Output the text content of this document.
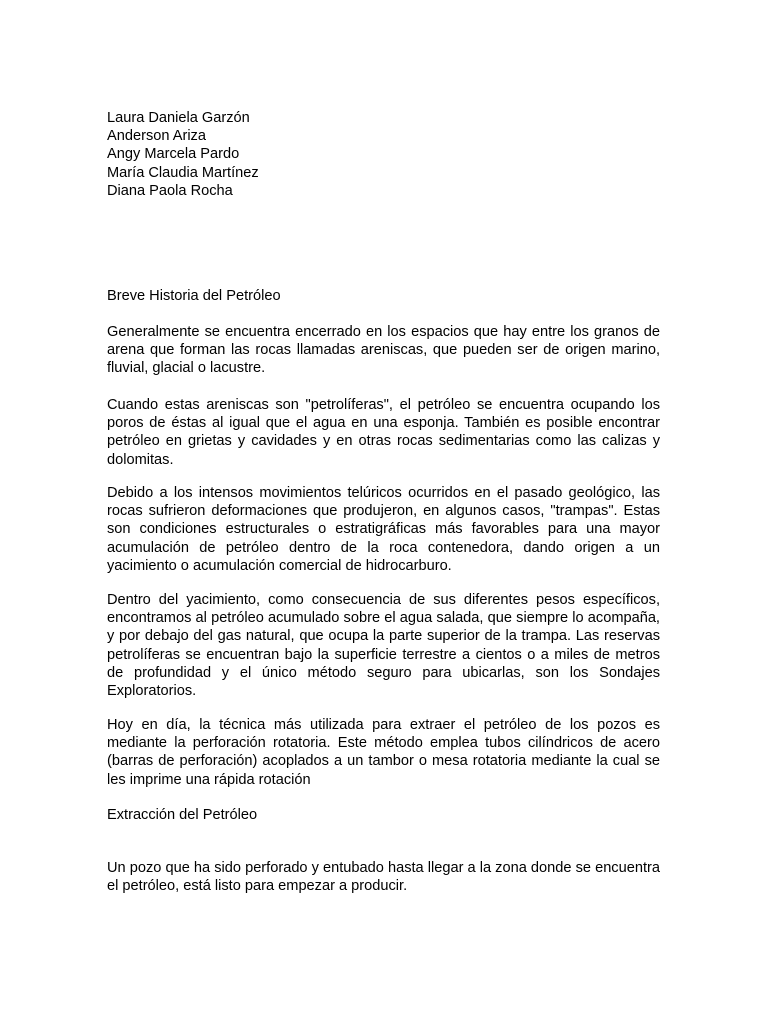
Laura Daniela Garzón
Anderson Ariza
Angy Marcela Pardo
María Claudia Martínez
Diana Paola Rocha
Breve Historia del Petróleo

Generalmente se encuentra encerrado en los espacios que hay entre los granos de arena que forman las rocas llamadas areniscas, que pueden ser de origen marino, fluvial, glacial o lacustre.

Cuando estas areniscas son "petrolíferas", el petróleo se encuentra ocupando los poros de éstas al igual que el agua en una esponja. También es posible encontrar petróleo en grietas y cavidades y en otras rocas sedimentarias como las calizas y dolomitas.

Debido a los intensos movimientos telúricos ocurridos en el pasado geológico, las rocas sufrieron deformaciones que produjeron, en algunos casos, "trampas". Estas son condiciones estructurales o estratigráficas más favorables para una mayor acumulación de petróleo dentro de la roca contenedora, dando origen a un yacimiento o acumulación comercial de hidrocarburo.

Dentro del yacimiento, como consecuencia de sus diferentes pesos específicos, encontramos al petróleo acumulado sobre el agua salada, que siempre lo acompaña, y por debajo del gas natural, que ocupa la parte superior de la trampa. Las reservas petrolíferas se encuentran bajo la superficie terrestre a cientos o a miles de metros de profundidad y el único método seguro para ubicarlas, son los Sondajes Exploratorios.

Hoy en día, la técnica más utilizada para extraer el petróleo de los pozos es mediante la perforación rotatoria. Este método emplea tubos cilíndricos de acero (barras de perforación) acoplados a un tambor o mesa rotatoria mediante la cual se les imprime una rápida rotación

Extracción del Petróleo

Un pozo que ha sido perforado y entubado hasta llegar a la zona donde se encuentra el petróleo, está listo para empezar a producir.
